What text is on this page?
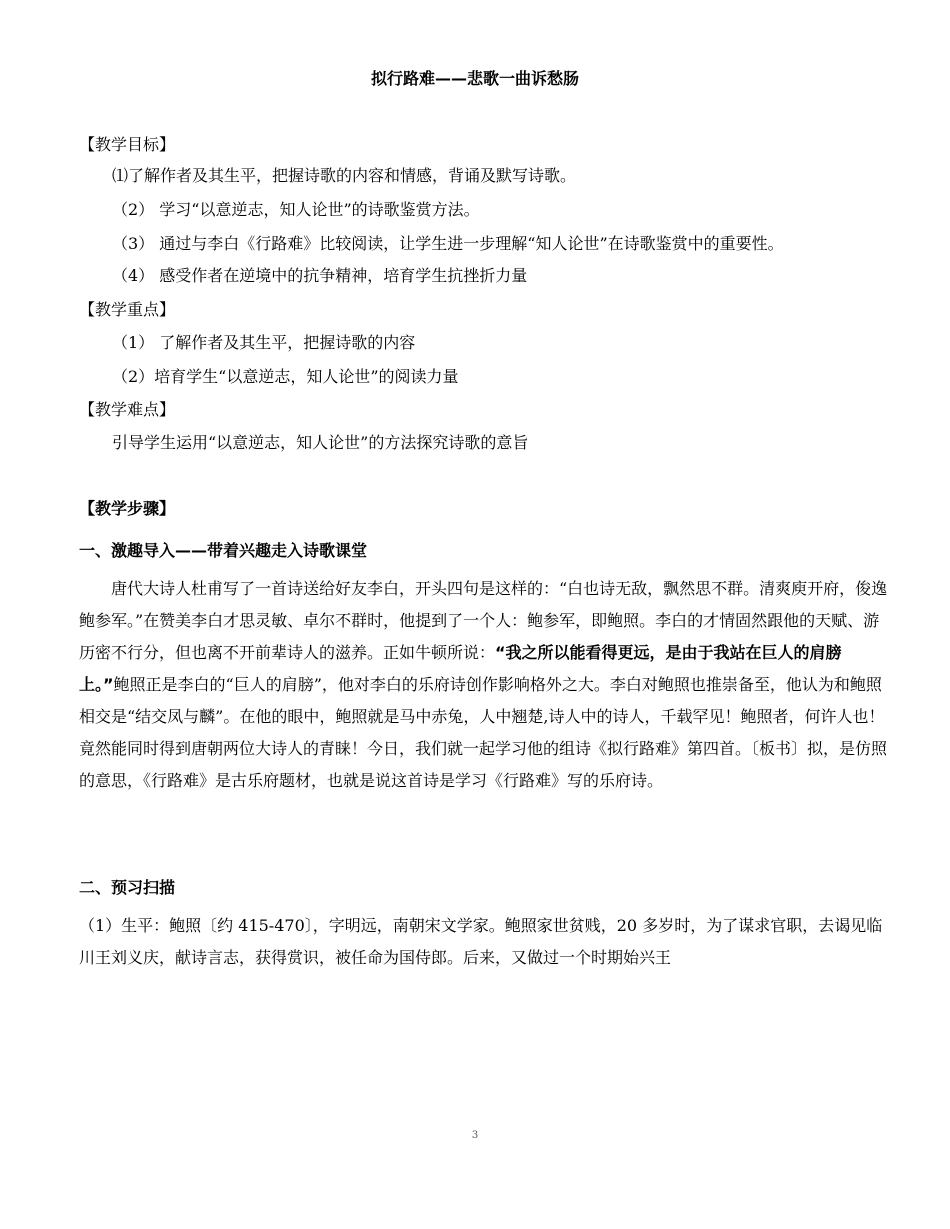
拟行路难——悲歌一曲诉愁肠
【教学目标】
⑴了解作者及其生平，把握诗歌的内容和情感，背诵及默写诗歌。
（2） 学习“以意逆志，知人论世”的诗歌鉴赏方法。
（3） 通过与李白《行路难》比较阅读，让学生进一步理解“知人论世”在诗歌鉴赏中的重要性。
（4） 感受作者在逆境中的抗争精神，培育学生抗挫折力量
【教学重点】
（1） 了解作者及其生平，把握诗歌的内容
（2）培育学生“以意逆志，知人论世”的阅读力量
【教学难点】
引导学生运用“以意逆志，知人论世”的方法探究诗歌的意旨
【教学步骤】
一、激趣导入——带着兴趣走入诗歌课堂
唐代大诗人杜甫写了一首诗送给好友李白，开头四句是这样的：“白也诗无敌，飘然思不群。清爽庾开府，俊逸鲍参军。”在赞美李白才思灵敏、卓尔不群时，他提到了一个人：鲍参军，即鲍照。李白的才情固然跟他的天赋、游历密不行分，但也离不开前辈诗人的滋养。正如牛顿所说：“我之所以能看得更远，是由于我站在巨人的肩膀上。”鲍照正是李白的“巨人的肩膀”，他对李白的乐府诗创作影响格外之大。李白对鲍照也推崇备至，他认为和鲍照相交是“结交凤与麟”。在他的眼中，鲍照就是马中赤兔，人中翘楚,诗人中的诗人，千载罕见！鲍照者，何许人也！竟然能同时得到唐朝两位大诗人的青睐！今日，我们就一起学习他的组诗《拟行路难》第四首。〔板书〕拟，是仿照的意思，《行路难》是古乐府题材，也就是说这首诗是学习《行路难》写的乐府诗。
二、预习扫描
（1）生平：鲍照〔约 415-470〕，字明远，南朝宋文学家。鲍照家世贫贱，20 多岁时，为了谋求官职，去谒见临川王刘义庆，献诗言志，获得赏识，被任命为国侍郎。后来，又做过一个时期始兴王
3
